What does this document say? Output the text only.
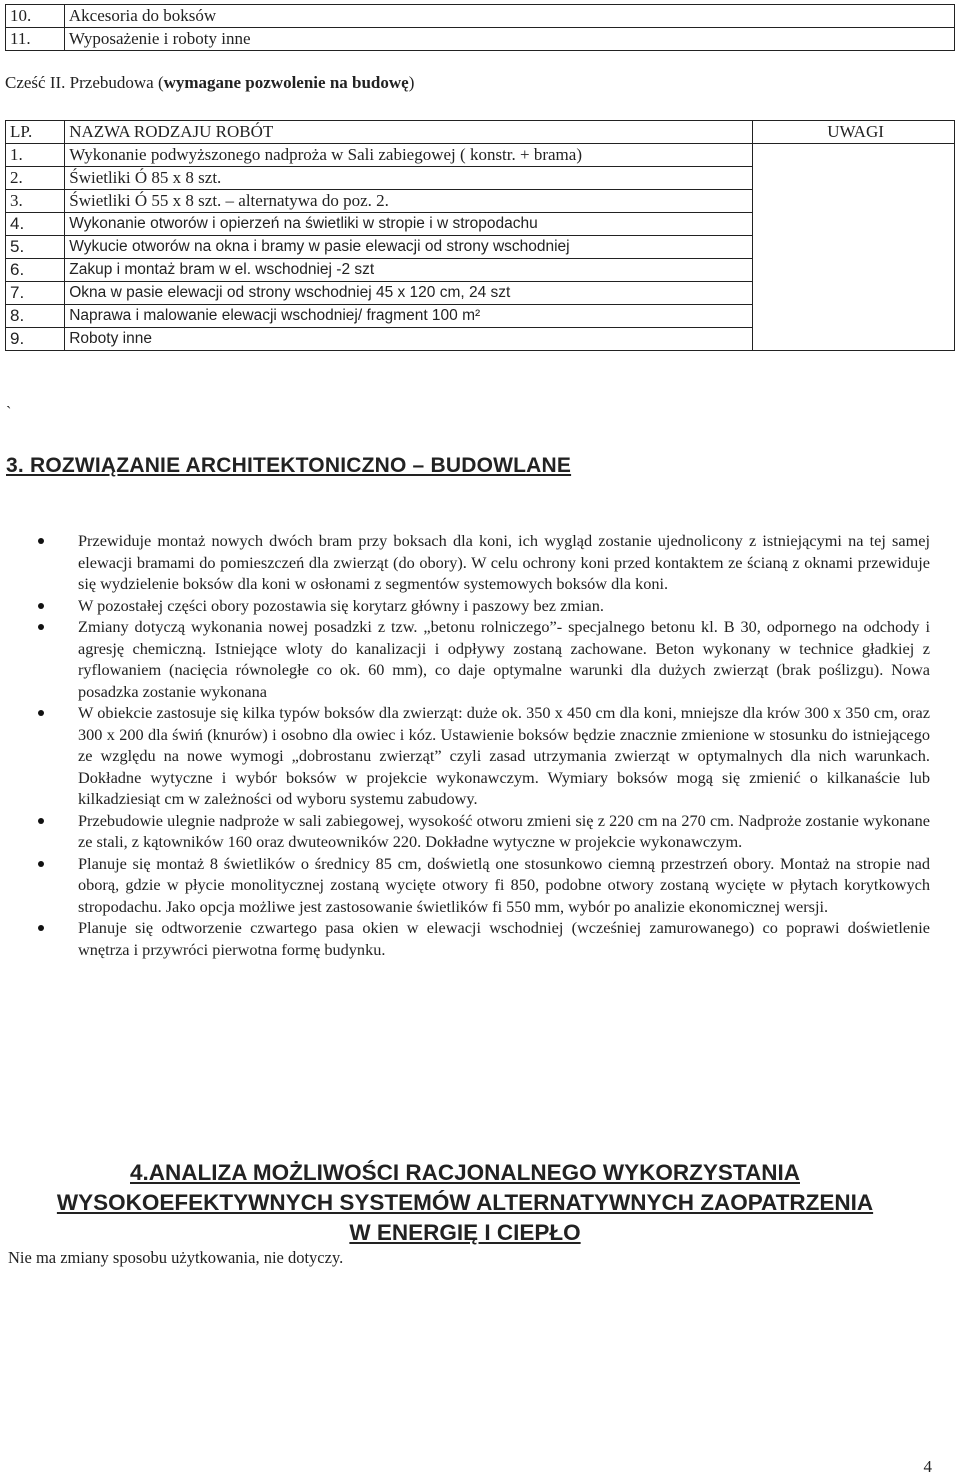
10.	Akcesoria do boksów
11.	Wyposażenie i roboty inne
Cześć II. Przebudowa (wymagane pozwolenie na budowę)
LP.	NAZWA RODZAJU ROBÓT	UWAGI
1.	Wykonanie podwyższonego nadproża w Sali zabiegowej ( konstr. + brama)	
2.	Świetliki Ó 85 x 8 szt.	
3.	Świetliki Ó 55 x 8 szt. – alternatywa do poz. 2.	
4.	Wykonanie otworów i opierzeń na świetliki w stropie i w stropodachu	
5.	Wykucie otworów na okna i bramy w pasie elewacji od strony wschodniej	
6.	Zakup i montaż bram w el. wschodniej -2 szt	
7.	Okna w pasie elewacji od strony wschodniej 45 x 120 cm, 24 szt	
8.	Naprawa i malowanie elewacji wschodniej/ fragment 100 m²	
9.	Roboty inne	
`
3. ROZWIĄZANIE ARCHITEKTONICZNO – BUDOWLANE
Przewiduje montaż nowych dwóch bram przy boksach dla koni, ich wygląd zostanie ujednolicony z istniejącymi na tej samej elewacji bramami do pomieszczeń dla zwierząt (do obory). W celu ochrony koni przed kontaktem ze ścianą z oknami przewiduje się wydzielenie boksów dla koni w osłonami z segmentów systemowych boksów dla koni.
W pozostałej części obory pozostawia się korytarz główny i paszowy bez zmian.
Zmiany dotyczą wykonania nowej posadzki z tzw. „betonu rolniczego”- specjalnego betonu kl. B 30, odpornego na odchody i agresję chemiczną. Istniejące wloty do kanalizacji i odpływy zostaną zachowane. Beton wykonany w technice gładkiej z ryflowaniem (nacięcia równoległe co ok. 60 mm), co daje optymalne warunki dla dużych zwierząt (brak poślizgu). Nowa posadzka zostanie wykonana
W obiekcie zastosuje się kilka typów boksów dla zwierząt: duże ok. 350 x 450 cm dla koni, mniejsze dla krów 300 x 350 cm, oraz 300 x 200 dla świń (knurów) i osobno dla owiec i kóz. Ustawienie boksów będzie znacznie zmienione w stosunku do istniejącego ze względu na nowe wymogi „dobrostanu zwierząt” czyli zasad utrzymania zwierząt w optymalnych dla nich warunkach. Dokładne wytyczne i wybór boksów w projekcie wykonawczym. Wymiary boksów mogą się zmienić o kilkanaście lub kilkadziesiąt cm w zależności od wyboru systemu zabudowy.
Przebudowie ulegnie nadproże w sali zabiegowej, wysokość otworu zmieni się z 220 cm na 270 cm. Nadproże zostanie wykonane ze stali, z kątowników 160 oraz dwuteowników 220. Dokładne wytyczne w projekcie wykonawczym.
Planuje się montaż 8 świetlików o średnicy 85 cm, doświetlą one stosunkowo ciemną przestrzeń obory. Montaż na stropie nad oborą, gdzie w płycie monolitycznej zostaną wycięte otwory fi 850, podobne otwory zostaną wycięte w płytach korytkowych stropodachu. Jako opcja możliwe jest zastosowanie świetlików fi 550 mm, wybór po analizie ekonomicznej wersji.
Planuje się odtworzenie czwartego pasa okien w elewacji wschodniej (wcześniej zamurowanego) co poprawi doświetlenie wnętrza i przywróci pierwotna formę budynku.
4.ANALIZA MOŻLIWOŚCI RACJONALNEGO WYKORZYSTANIA
WYSOKOEFEKTYWNYCH SYSTEMÓW ALTERNATYWNYCH ZAOPATRZENIA
W ENERGIĘ I CIEPŁO
Nie ma zmiany sposobu użytkowania, nie dotyczy.
4
